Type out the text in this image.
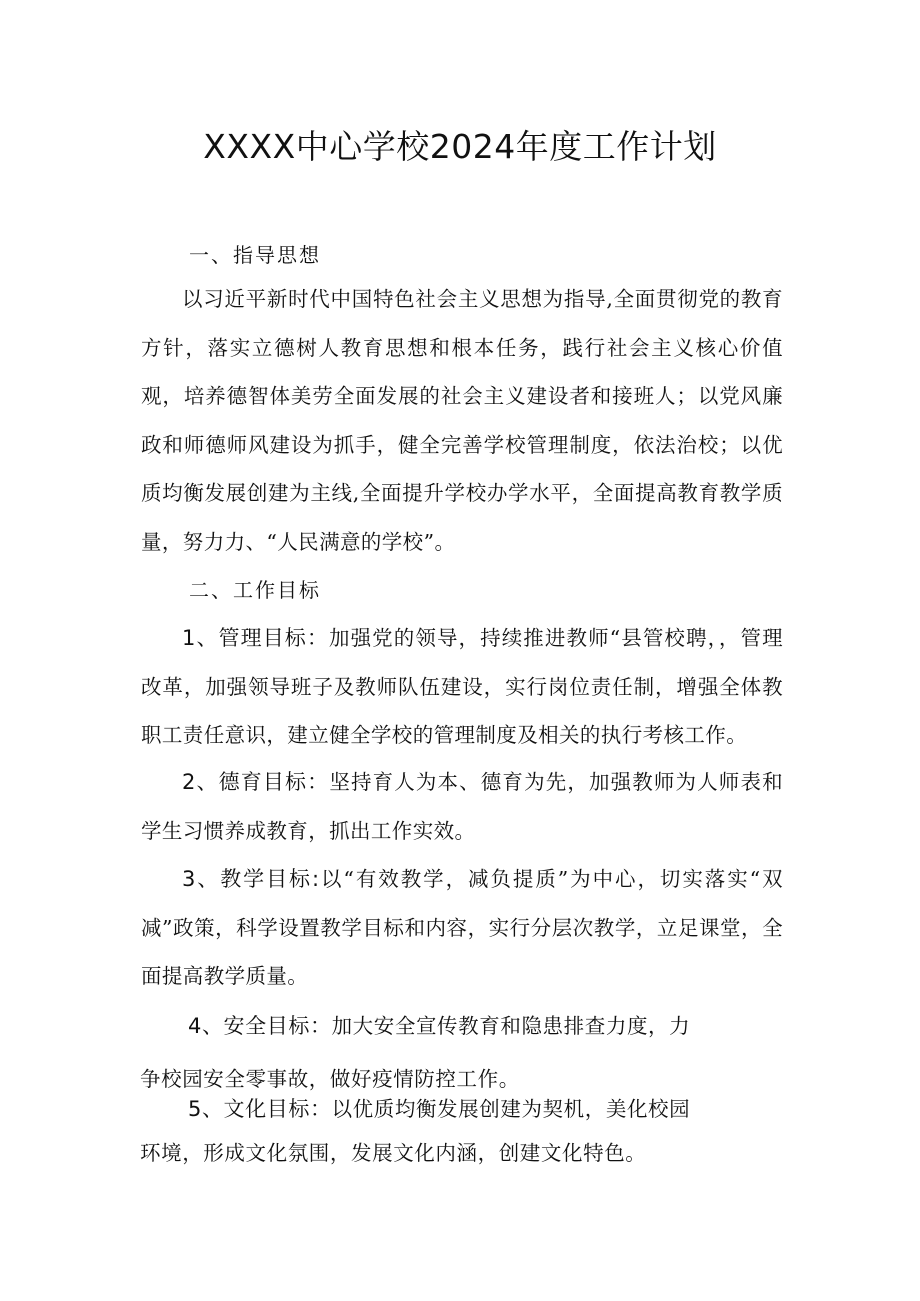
XXXX中心学校2024年度工作计划
一、指导思想
以习近平新时代中国特色社会主义思想为指导,全面贯彻党的教育方针，落实立德树人教育思想和根本任务，践行社会主义核心价值观，培养德智体美劳全面发展的社会主义建设者和接班人；以党风廉政和师德师风建设为抓手，健全完善学校管理制度，依法治校；以优质均衡发展创建为主线,全面提升学校办学水平，全面提高教育教学质量，努力力、“人民满意的学校”。
二、工作目标
1、管理目标：加强党的领导，持续推进教师“县管校聘，，管理改革，加强领导班子及教师队伍建设，实行岗位责任制，增强全体教职工责任意识，建立健全学校的管理制度及相关的执行考核工作。
2、德育目标：坚持育人为本、德育为先，加强教师为人师表和学生习惯养成教育，抓出工作实效。
3、教学目标:以“有效教学，减负提质”为中心，切实落实“双减”政策，科学设置教学目标和内容，实行分层次教学，立足课堂，全面提高教学质量。
4、安全目标：加大安全宣传教育和隐患排查力度，力
争校园安全零事故，做好疫情防控工作。
5、文化目标：以优质均衡发展创建为契机，美化校园
环境，形成文化氛围，发展文化内涵，创建文化特色。
